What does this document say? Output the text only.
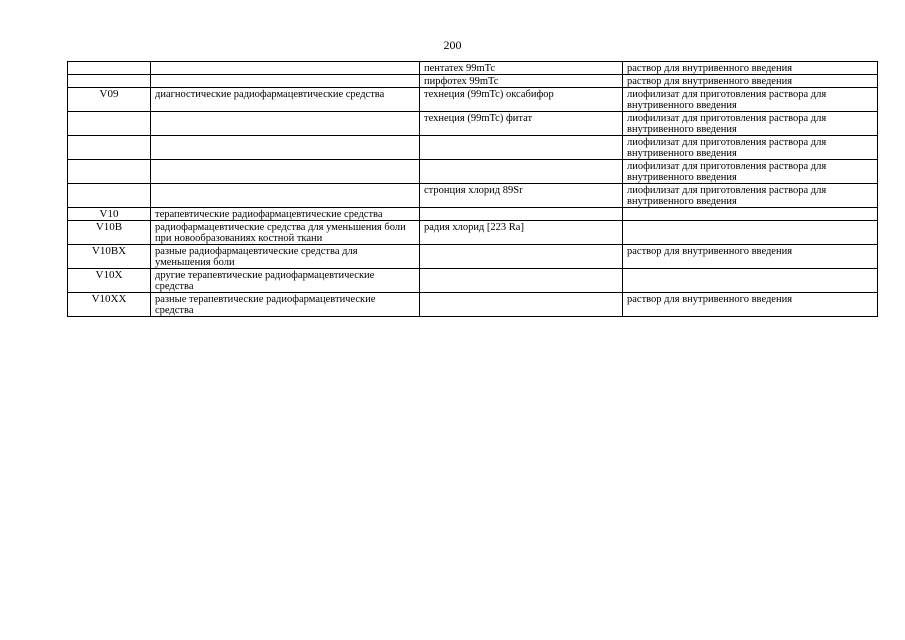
200
		пентатех 99mTc	раствор для внутривенного введения
		пирфотех 99mTc	раствор для внутривенного введения
V09	диагностические радиофармацевтические средства	технеция (99mTc) оксабифор	лиофилизат для приготовления раствора для внутривенного введения
		технеция (99mTc) фитат	лиофилизат для приготовления раствора для внутривенного введения
			лиофилизат для приготовления раствора для внутривенного введения
			лиофилизат для приготовления раствора для внутривенного введения
		стронция хлорид 89Sr	лиофилизат для приготовления раствора для внутривенного введения
V10	терапевтические радиофармацевтические средства		
V10B	радиофармацевтические средства для уменьшения боли при новообразованиях костной ткани	радия хлорид [223 Ra]	
V10BX	разные радиофармацевтические средства для уменьшения боли		раствор для внутривенного введения
V10X	другие терапевтические радиофармацевтические средства		
V10XX	разные терапевтические радиофармацевтические средства		раствор для внутривенного введения
